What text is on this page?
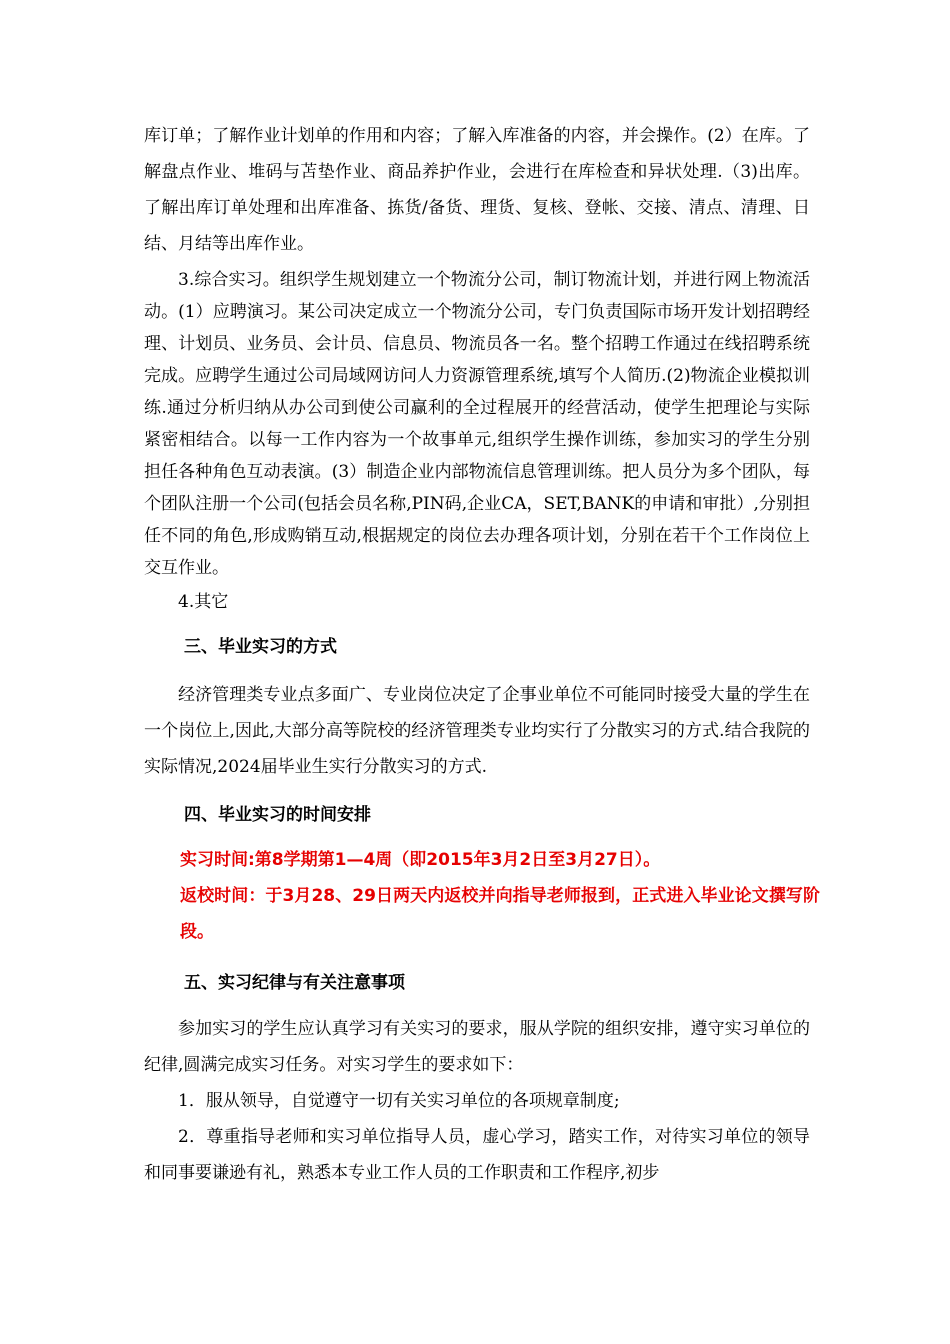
库订单；了解作业计划单的作用和内容；了解入库准备的内容，并会操作。(2）在库。了解盘点作业、堆码与苫垫作业、商品养护作业，会进行在库检查和异状处理.（3)出库。了解出库订单处理和出库准备、拣货/备货、理货、复核、登帐、交接、清点、清理、日结、月结等出库作业。

3.综合实习。组织学生规划建立一个物流分公司，制订物流计划，并进行网上物流活动。(1）应聘演习。某公司决定成立一个物流分公司，专门负责国际市场开发计划招聘经理、计划员、业务员、会计员、信息员、物流员各一名。整个招聘工作通过在线招聘系统完成。应聘学生通过公司局域网访问人力资源管理系统,填写个人简历.(2)物流企业模拟训练.通过分析归纳从办公司到使公司赢利的全过程展开的经营活动，使学生把理论与实际紧密相结合。以每一工作内容为一个故事单元,组织学生操作训练，参加实习的学生分别担任各种角色互动表演。(3）制造企业内部物流信息管理训练。把人员分为多个团队，每个团队注册一个公司(包括会员名称,PIN码,企业CA，SET,BANK的申请和审批）,分别担任不同的角色,形成购销互动,根据规定的岗位去办理各项计划，分别在若干个工作岗位上交互作业。

4.其它

三、毕业实习的方式

经济管理类专业点多面广、专业岗位决定了企事业单位不可能同时接受大量的学生在一个岗位上,因此,大部分高等院校的经济管理类专业均实行了分散实习的方式.结合我院的实际情况,2024届毕业生实行分散实习的方式.

四、毕业实习的时间安排

实习时间:第8学期第1—4周（即2015年3月2日至3月27日）。

返校时间：于3月28、29日两天内返校并向指导老师报到，正式进入毕业论文撰写阶段。

五、实习纪律与有关注意事项

参加实习的学生应认真学习有关实习的要求，服从学院的组织安排，遵守实习单位的纪律,圆满完成实习任务。对实习学生的要求如下：

1．服从领导，自觉遵守一切有关实习单位的各项规章制度;

2．尊重指导老师和实习单位指导人员，虚心学习，踏实工作，对待实习单位的领导和同事要谦逊有礼，熟悉本专业工作人员的工作职责和工作程序,初步
